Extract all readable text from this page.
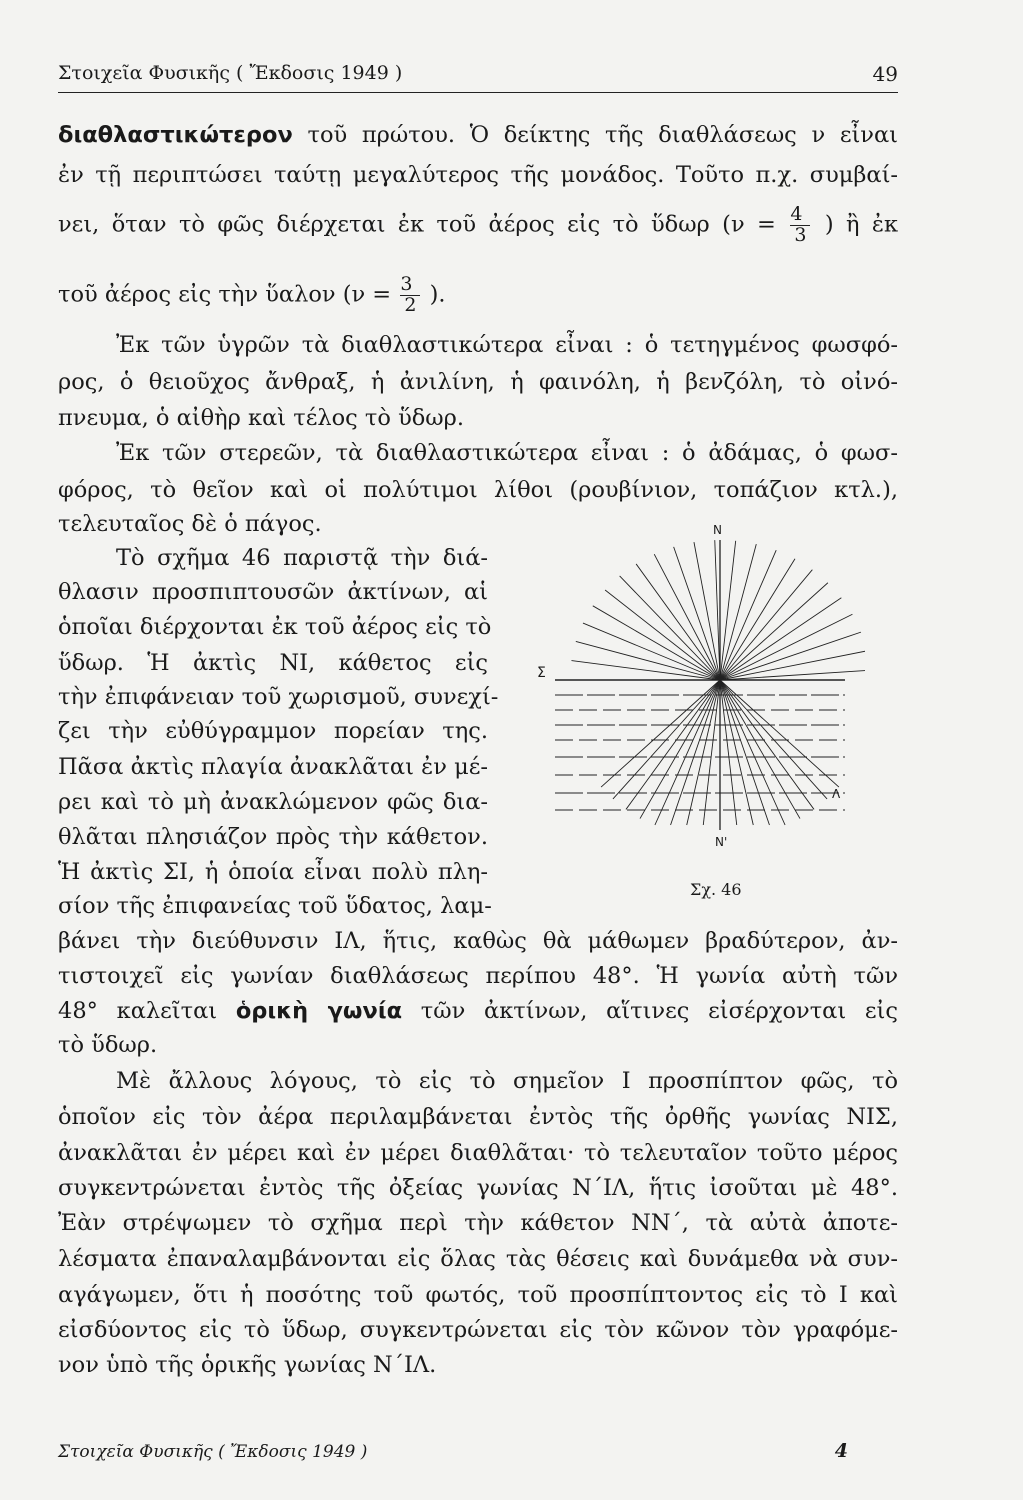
Στοιχεῖα Φυσικῆς ( Ἔκδοσις 1949 )	49
διαθλαστικώτερον τοῦ πρώτου. Ὁ δείκτης τῆς διαθλάσεως ν εἶναι
ἐν τῇ περιπτώσει ταύτῃ μεγαλύτερος τῆς μονάδος. Τοῦτο π.χ. συμβαί-
νει, ὅταν τὸ φῶς διέρχεται ἐκ τοῦ ἀέρος εἰς τὸ ὕδωρ ($\nu = \frac{4}{3}$ ) ἢ ἐκ
τοῦ ἀέρος εἰς τὴν ὕαλον ($\nu = \frac{3}{2}$ ).
Ἐκ τῶν ὑγρῶν τὰ διαθλαστικώτερα εἶναι : ὁ τετηγμένος φωσφό-
ρος, ὁ θειοῦχος ἄνθραξ, ἡ ἀνιλίνη, ἡ φαινόλη, ἡ βενζόλη, τὸ οἰνό-
πνευμα, ὁ αἰθὴρ καὶ τέλος τὸ ὕδωρ.
Ἐκ τῶν στερεῶν, τὰ διαθλαστικώτερα εἶναι : ὁ ἀδάμας, ὁ φωσ-
φόρος, τὸ θεῖον καὶ οἱ πολύτιμοι λίθοι (ρουβίνιον, τοπάζιον κτλ.),
τελευταῖος δὲ ὁ πάγος.
Τὸ σχῆμα 46 παριστᾷ τὴν διά-
θλασιν προσπιπτουσῶν ἀκτίνων, αἱ
ὁποῖαι διέρχονται ἐκ τοῦ ἀέρος εἰς τὸ
ὕδωρ. Ἡ ἀκτὶς ΝΙ, κάθετος εἰς
τὴν ἐπιφάνειαν τοῦ χωρισμοῦ, συνεχί-
ζει τὴν εὐθύγραμμον πορείαν της.
Πᾶσα ἀκτὶς πλαγία ἀνακλᾶται ἐν μέ-
ρει καὶ τὸ μὴ ἀνακλώμενον φῶς δια-
θλᾶται πλησιάζον πρὸς τὴν κάθετον.
Ἡ ἀκτὶς ΣΙ, ἡ ὁποία εἶναι πολὺ πλη-
σίον τῆς ἐπιφανείας τοῦ ὕδατος, λαμ-
βάνει τὴν διεύθυνσιν ΙΛ, ἥτις, καθὼς θὰ μάθωμεν βραδύτερον, ἀν-
τιστοιχεῖ εἰς γωνίαν διαθλάσεως περίπου 48°. Ἡ γωνία αὐτὴ τῶν
48° καλεῖται ὁρικὴ γωνία τῶν ἀκτίνων, αἵτινες εἰσέρχονται εἰς
τὸ ὕδωρ.
Μὲ ἄλλους λόγους, τὸ εἰς τὸ σημεῖον Ι προσπίπτον φῶς, τὸ
ὁποῖον εἰς τὸν ἀέρα περιλαμβάνεται ἐντὸς τῆς ὀρθῆς γωνίας ΝΙΣ,
ἀνακλᾶται ἐν μέρει καὶ ἐν μέρει διαθλᾶται· τὸ τελευταῖον τοῦτο μέρος
συγκεντρώνεται ἐντὸς τῆς ὀξείας γωνίας Ν΄ΙΛ, ἥτις ἰσοῦται μὲ 48°.
Ἐὰν στρέψωμεν τὸ σχῆμα περὶ τὴν κάθετον ΝΝ΄, τὰ αὐτὰ ἀποτε-
λέσματα ἐπαναλαμβάνονται εἰς ὅλας τὰς θέσεις καὶ δυνάμεθα νὰ συν-
αγάγωμεν, ὅτι ἡ ποσότης τοῦ φωτός, τοῦ προσπίπτοντος εἰς τὸ Ι καὶ
εἰσδύοντος εἰς τὸ ὕδωρ, συγκεντρώνεται εἰς τὸν κῶνον τὸν γραφόμε-
νον ὑπὸ τῆς ὁρικῆς γωνίας Ν΄ΙΛ.
N
N'
Σ
Λ
Σχ. 46
Στοιχεῖα Φυσικῆς ( Ἔκδοσις 1949 )	4
